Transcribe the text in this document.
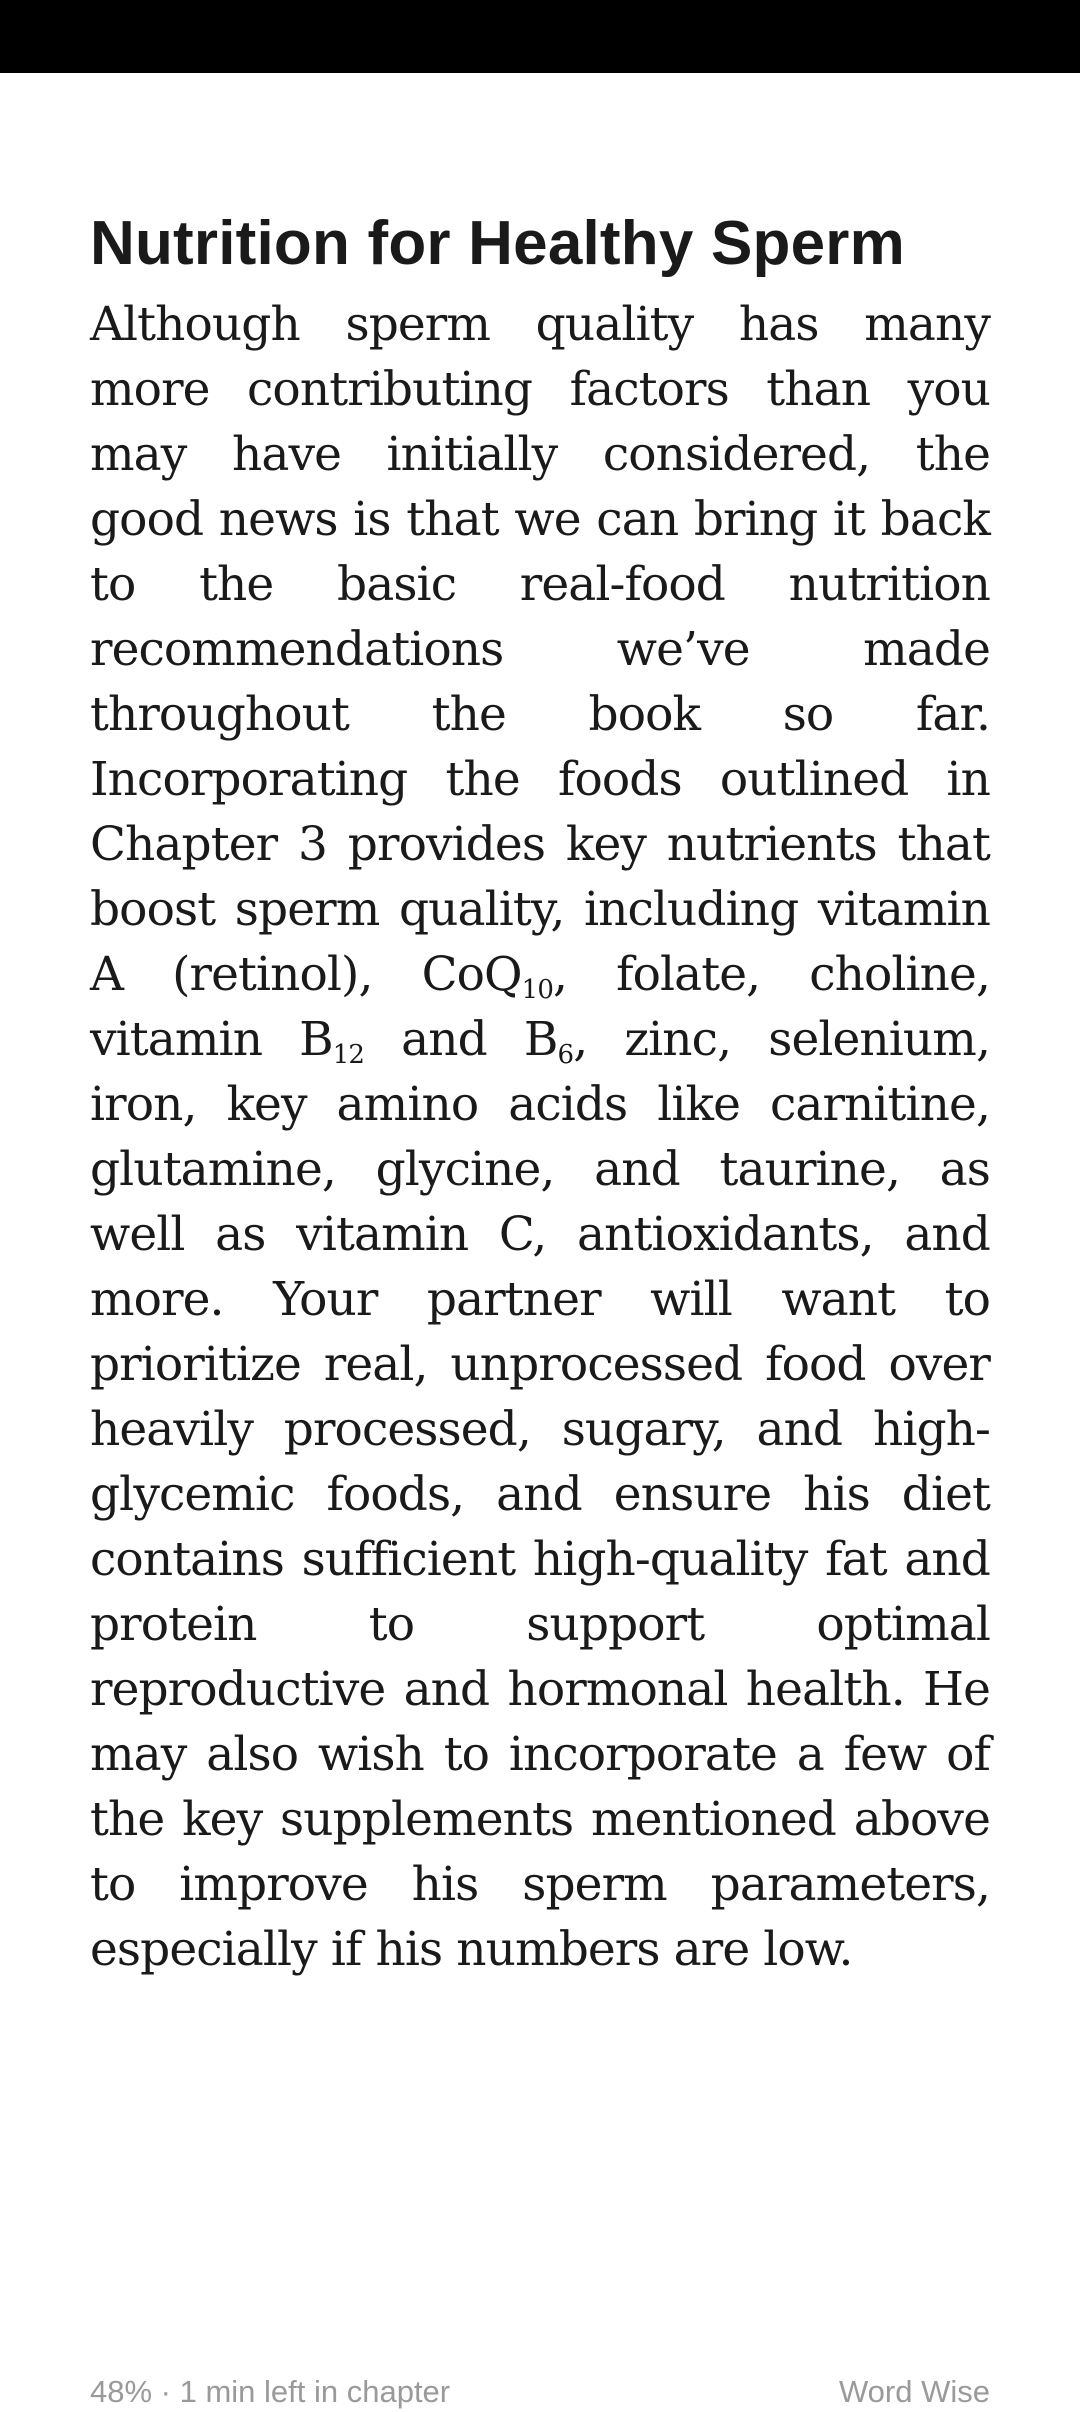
Nutrition for Healthy Sperm

Although sperm quality has many more contributing factors than you may have initially considered, the good news is that we can bring it back to the basic real-food nutrition recommendations we’ve made throughout the book so far. Incorporating the foods outlined in Chapter 3 provides key nutrients that boost sperm quality, including vitamin A (retinol), CoQ$_{10}$, folate, choline, vitamin $B_{12}$ and $B_6$, zinc, selenium, iron, key amino acids like carnitine, glutamine, glycine, and taurine, as well as vitamin C, antioxidants, and more. Your partner will want to prioritize real, unprocessed food over heavily processed, sugary, and high-glycemic foods, and ensure his diet contains sufficient high-quality fat and protein to support optimal reproductive and hormonal health. He may also wish to incorporate a few of the key supplements mentioned above to improve his sperm parameters, especially if his numbers are low.

48% · 1 min left in chapter	Word Wise
